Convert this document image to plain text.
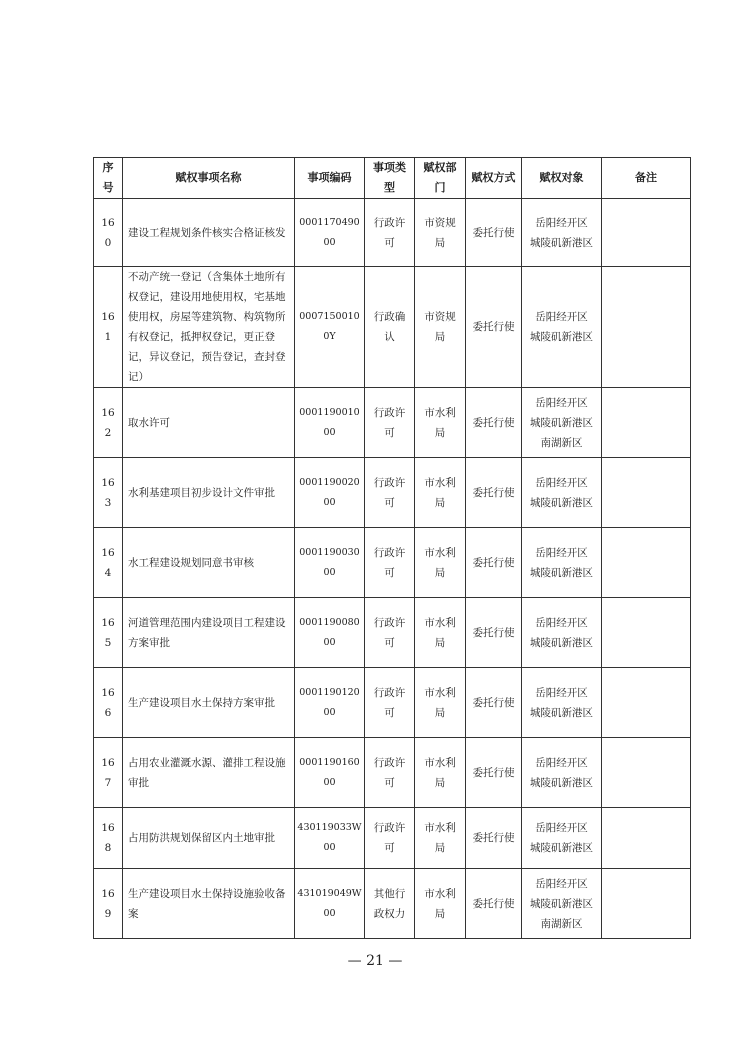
序号	赋权事项名称	事项编码	事项类型	赋权部门	赋权方式	赋权对象	备注
160	建设工程规划条件核实合格证核发	000117049000	行政许可	市资规局	委托行使	岳阳经开区
城陵矶新港区	

161	不动产统一登记（含集体土地所有权登记，建设用地使用权，宅基地使用权，房屋等建筑物、构筑物所有权登记，抵押权登记，更正登记，异议登记，预告登记，查封登记）	00071500100Y	行政确认	市资规局	委托行使	岳阳经开区
城陵矶新港区	

162	取水许可	000119001000	行政许可	市水利局	委托行使	岳阳经开区
城陵矶新港区
南湖新区	

163	水利基建项目初步设计文件审批	000119002000	行政许可	市水利局	委托行使	岳阳经开区
城陵矶新港区	

164	水工程建设规划同意书审核	000119003000	行政许可	市水利局	委托行使	岳阳经开区
城陵矶新港区	

165	河道管理范围内建设项目工程建设方案审批	000119008000	行政许可	市水利局	委托行使	岳阳经开区
城陵矶新港区	

166	生产建设项目水土保持方案审批	000119012000	行政许可	市水利局	委托行使	岳阳经开区
城陵矶新港区	

167	占用农业灌溉水源、灌排工程设施审批	000119016000	行政许可	市水利局	委托行使	岳阳经开区
城陵矶新港区	

168	占用防洪规划保留区内土地审批	430119033W00	行政许可	市水利局	委托行使	岳阳经开区
城陵矶新港区	

169	生产建设项目水土保持设施验收备案	431019049W00	其他行政权力	市水利局	委托行使	岳阳经开区
城陵矶新港区
南湖新区	

— 21 —
